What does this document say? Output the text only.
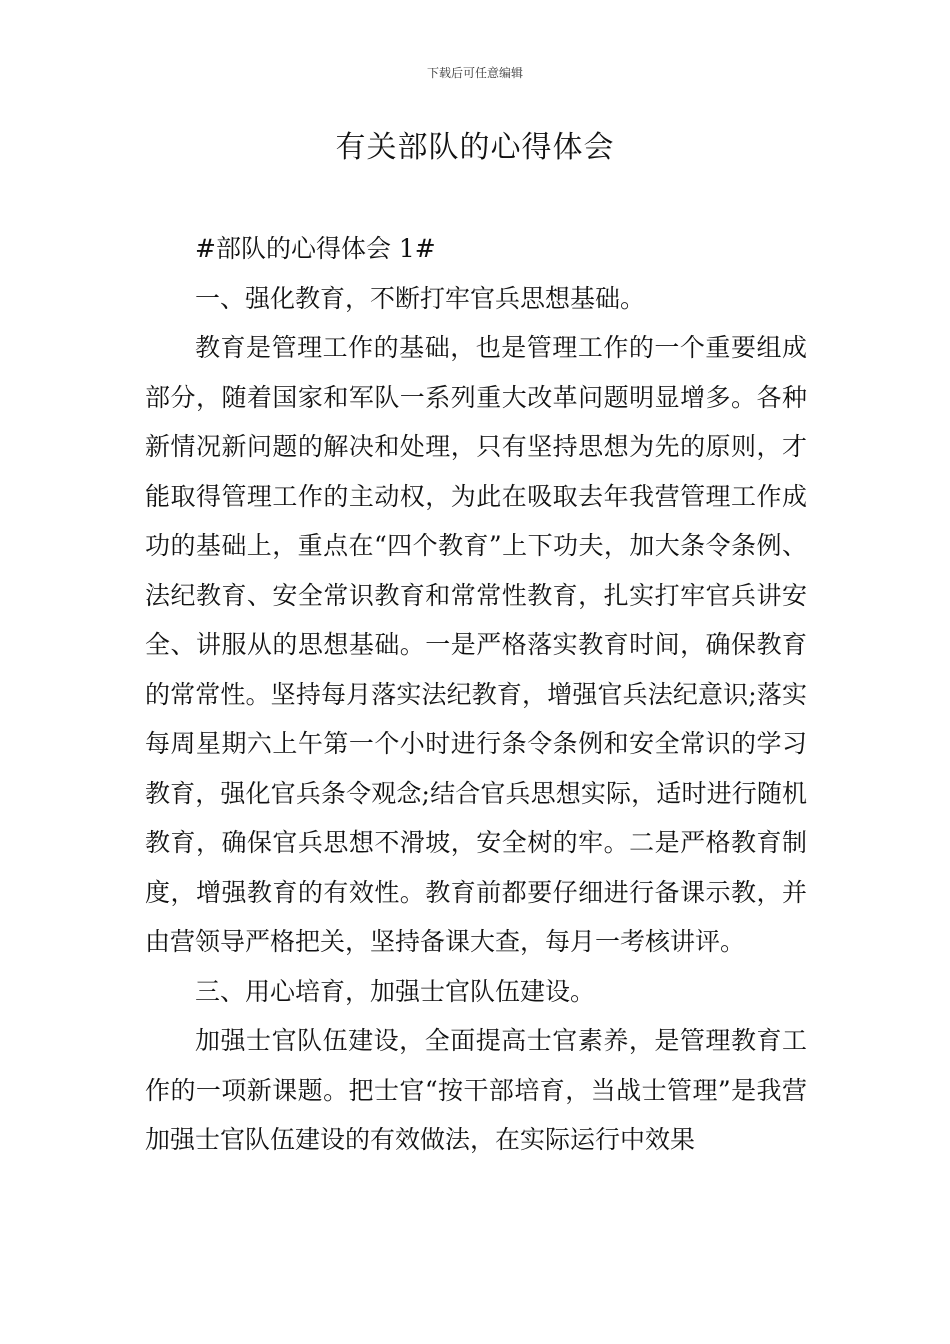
下载后可任意编辑
有关部队的心得体会

#部队的心得体会 1#

一、强化教育，不断打牢官兵思想基础。

教育是管理工作的基础，也是管理工作的一个重要组成部分，随着国家和军队一系列重大改革问题明显增多。各种新情况新问题的解决和处理，只有坚持思想为先的原则，才能取得管理工作的主动权，为此在吸取去年我营管理工作成功的基础上，重点在“四个教育”上下功夫，加大条令条例、法纪教育、安全常识教育和常常性教育，扎实打牢官兵讲安全、讲服从的思想基础。一是严格落实教育时间，确保教育的常常性。坚持每月落实法纪教育，增强官兵法纪意识;落实每周星期六上午第一个小时进行条令条例和安全常识的学习教育，强化官兵条令观念;结合官兵思想实际，适时进行随机教育，确保官兵思想不滑坡，安全树的牢。二是严格教育制度，增强教育的有效性。教育前都要仔细进行备课示教，并由营领导严格把关，坚持备课大查，每月一考核讲评。

三、用心培育，加强士官队伍建设。

加强士官队伍建设，全面提高士官素养，是管理教育工作的一项新课题。把士官“按干部培育，当战士管理”是我营加强士官队伍建设的有效做法，在实际运行中效果
